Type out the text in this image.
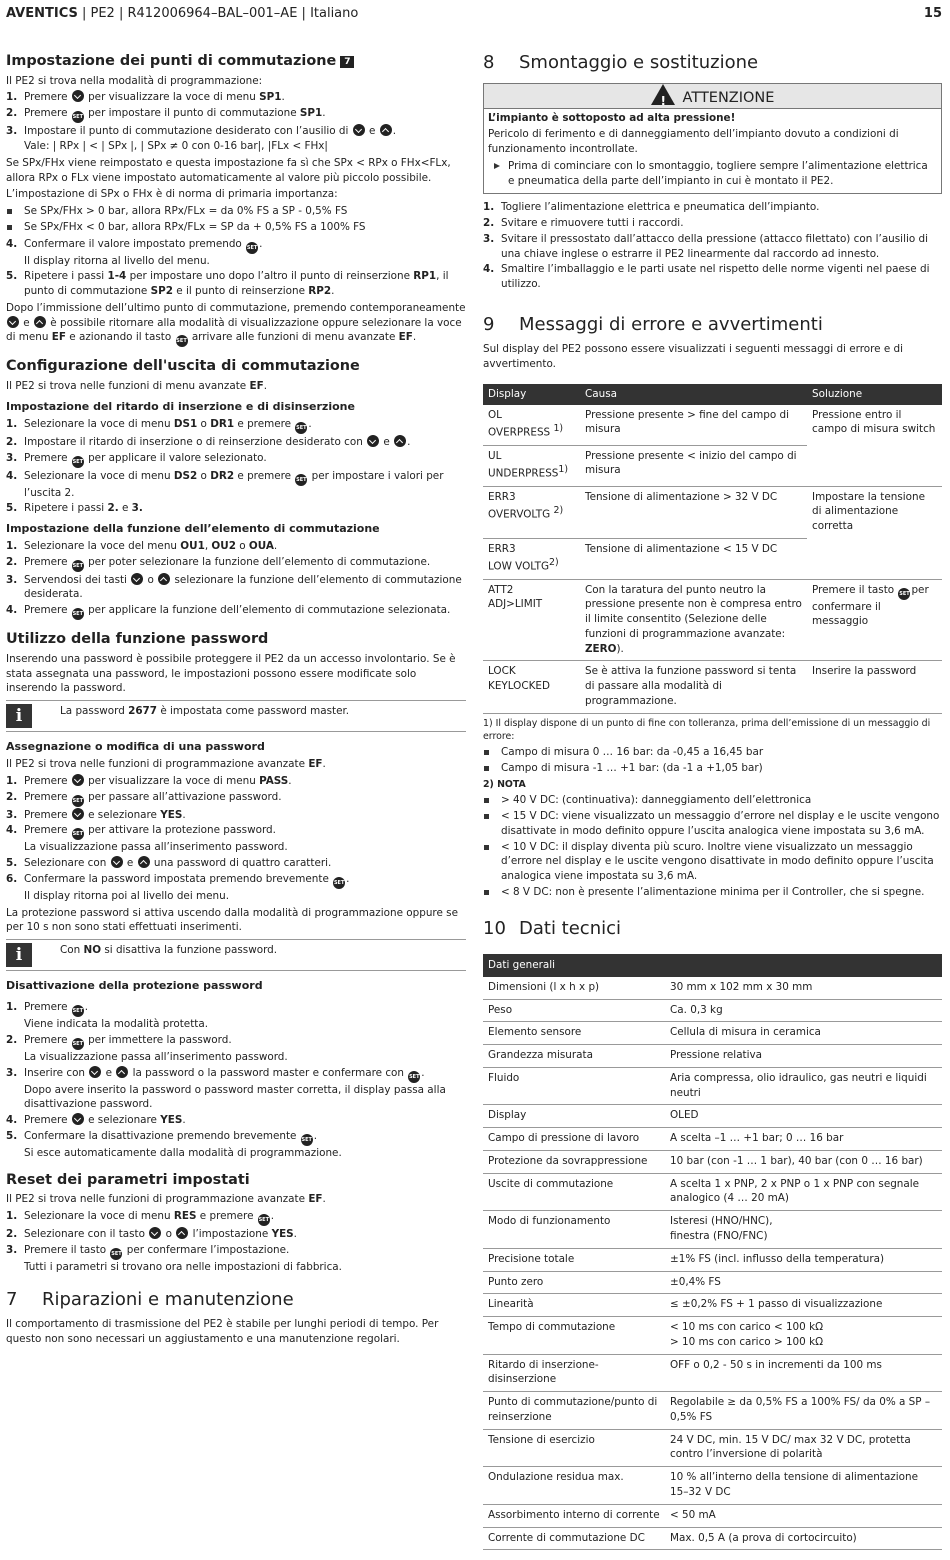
AVENTICS | PE2 | R412006964–BAL–001–AE | Italiano	15
Impostazione dei punti di commutazione 7

Il PE2 si trova nella modalità di programmazione:

1. Premere  per visualizzare la voce di menu SP1.
2. Premere SET per impostare il punto di commutazione SP1.
3. Impostare il punto di commutazione desiderato con l’ausilio di  e .
Vale: | RPx | < | SPx |, | SPx ≠ 0 con 0-16 bar|, |FLx < FHx|

Se SPx/FHx viene reimpostato e questa impostazione fa sì che SPx < RPx o FHx<FLx, allora RPx o FLx viene impostato automaticamente al valore più piccolo possibile.

L’impostazione di SPx o FHx è di norma di primaria importanza:

Se SPx/FHx > 0 bar, allora RPx/FLx = da 0% FS a SP - 0,5% FS
Se SPx/FHx < 0 bar, allora RPx/FLx = SP da + 0,5% FS a 100% FS
4. Confermare il valore impostato premendo SET .
Il display ritorna al livello del menu.
5. Ripetere i passi 1-4 per impostare uno dopo l’altro il punto di reinserzione RP1, il punto di commutazione SP2 e il punto di reinserzione RP2.

Dopo l’immissione dell’ultimo punto di commutazione, premendo contemporaneamente  e  è possibile ritornare alla modalità di visualizzazione oppure selezionare la voce di menu EF e azionando il tasto SET arrivare alle funzioni di menu avanzate EF.

Configurazione dell'uscita di commutazione

Il PE2 si trova nelle funzioni di menu avanzate EF.

Impostazione del ritardo di inserzione e di disinserzione
1. Selezionare la voce di menu DS1 o DR1 e premere SET .
2. Impostare il ritardo di inserzione o di reinserzione desiderato con  e .
3. Premere SET per applicare il valore selezionato.
4. Selezionare la voce di menu DS2 o DR2 e premere SET per impostare i valori per l’uscita 2.
5. Ripetere i passi 2. e 3.
Impostazione della funzione dell’elemento di commutazione
1. Selezionare la voce del menu OU1, OU2 o OUA.
2. Premere SET per poter selezionare la funzione dell’elemento di commutazione.
3. Servendosi dei tasti  o  selezionare la funzione dell’elemento di commutazione desiderata.
4. Premere SET per applicare la funzione dell’elemento di commutazione selezionata.
Utilizzo della funzione password

Inserendo una password è possibile proteggere il PE2 da un accesso involontario. Se è stata assegnata una password, le impostazioni possono essere modificate solo inserendo la password.

i	La password 2677 è impostata come password master.
Assegnazione o modifica di una password

Il PE2 si trova nelle funzioni di programmazione avanzate EF.

1. Premere  per visualizzare la voce di menu PASS.
2. Premere SET per passare all’attivazione password.
3. Premere  e selezionare YES.
4. Premere SET per attivare la protezione password.
La visualizzazione passa all’inserimento password.
5. Selezionare con  e  una password di quattro caratteri.
6. Confermare la password impostata premendo brevemente SET .
Il display ritorna poi al livello dei menu.

La protezione password si attiva uscendo dalla modalità di programmazione oppure se per 10 s non sono stati effettuati inserimenti.

i	Con NO si disattiva la funzione password.
Disattivazione della protezione password
1. Premere SET .
Viene indicata la modalità protetta.
2. Premere SET per immettere la password.
La visualizzazione passa all’inserimento password.
3. Inserire con  e  la password o la password master e confermare con SET .
Dopo avere inserito la password o password master corretta, il display passa alla disattivazione password.
4. Premere  e selezionare YES.
5. Confermare la disattivazione premendo brevemente SET .
Si esce automaticamente dalla modalità di programmazione.
Reset dei parametri impostati

Il PE2 si trova nelle funzioni di programmazione avanzate EF.

1. Selezionare la voce di menu RES e premere SET .
2. Selezionare con il tasto  o  l’impostazione YES.
3. Premere il tasto SET per confermare l’impostazione.
Tutti i parametri si trovano ora nelle impostazioni di fabbrica.
7 Riparazioni e manutenzione

Il comportamento di trasmissione del PE2 è stabile per lunghi periodi di tempo. Per questo non sono necessari un aggiustamento e una manutenzione regolari.

8 Smontaggio e sostituzione
! ATTENZIONE

L’impianto è sottoposto ad alta pressione!

Pericolo di ferimento e di danneggiamento dell’impianto dovuto a condizioni di funzionamento incontrollate.

Prima di cominciare con lo smontaggio, togliere sempre l’alimentazione elettrica e pneumatica della parte dell’impianto in cui è montato il PE2.

1. Togliere l’alimentazione elettrica e pneumatica dell’impianto.
2. Svitare e rimuovere tutti i raccordi.
3. Svitare il pressostato dall’attacco della pressione (attacco filettato) con l’ausilio di una chiave inglese o estrarre il PE2 linearmente dal raccordo ad innesto.
4. Smaltire l’imballaggio e le parti usate nel rispetto delle norme vigenti nel paese di utilizzo.
9 Messaggi di errore e avvertimenti

Sul display del PE2 possono essere visualizzati i seguenti messaggi di errore e di avvertimento.

Display	Causa	Soluzione
OL
OVERPRESS $^{1)}$	Pressione presente > fine del campo di misura	Pressione entro il campo di misura switch
UL
UNDERPRESS$^{1)}$	Pressione presente < inizio del campo di misura	
ERR3
OVERVOLTG $^{2)}$	Tensione di alimentazione > 32 V DC	Impostare la tensione di alimentazione corretta
ERR3
LOW VOLTG$^{2)}$	Tensione di alimentazione < 15 V DC	
ATT2
ADJ>LIMIT	Con la taratura del punto neutro la pressione presente non è compresa entro il limite consentito (Selezione delle funzioni di programmazione avanzate: ZERO).	Premere il tasto SET per confermare il messaggio
LOCK
KEYLOCKED	Se è attiva la funzione password si tenta di passare alla modalità di programmazione.	Inserire la password

1) Il display dispone di un punto di fine con tolleranza, prima dell’emissione di un messaggio di errore:

Campo di misura 0 … 16 bar: da -0,45 a 16,45 bar
Campo di misura -1 … +1 bar: (da -1 a +1,05 bar)

2) NOTA

> 40 V DC: (continuativa): danneggiamento dell’elettronica
< 15 V DC: viene visualizzato un messaggio d’errore nel display e le uscite vengono disattivate in modo definito oppure l’uscita analogica viene impostata su 3,6 mA.
< 10 V DC: il display diventa più scuro. Inoltre viene visualizzato un messaggio d’errore nel display e le uscite vengono disattivate in modo definito oppure l’uscita analogica viene impostata su 3,6 mA.
< 8 V DC: non è presente l’alimentazione minima per il Controller, che si spegne.
10 Dati tecnici
Dati generali	
Dimensioni (l x h x p)	30 mm x 102 mm x 30 mm
Peso	Ca. 0,3 kg
Elemento sensore	Cellula di misura in ceramica
Grandezza misurata	Pressione relativa
Fluido	Aria compressa, olio idraulico, gas neutri e liquidi neutri
Display	OLED
Campo di pressione di lavoro	A scelta –1 … +1 bar; 0 … 16 bar
Protezione da sovrappressione	10 bar (con -1 … 1 bar), 40 bar (con 0 … 16 bar)
Uscite di commutazione	A scelta 1 x PNP, 2 x PNP o 1 x PNP con segnale analogico (4 … 20 mA)
Modo di funzionamento	Isteresi (HNO/HNC),
finestra (FNO/FNC)
Precisione totale	±1% FS (incl. influsso della temperatura)
Punto zero	±0,4% FS
Linearità	≤ ±0,2% FS + 1 passo di visualizzazione
Tempo di commutazione	< 10 ms con carico < 100 kΩ
> 10 ms con carico > 100 kΩ
Ritardo di inserzione-disinserzione	OFF o 0,2 - 50 s in incrementi da 100 ms
Punto di commutazione/punto di reinserzione	Regolabile ≥ da 0,5% FS a 100% FS/ da 0% a SP – 0,5% FS
Tensione di esercizio	24 V DC, min. 15 V DC/ max 32 V DC, protetta contro l’inversione di polarità
Ondulazione residua max.	10 % all’interno della tensione di alimentazione 15–32 V DC
Assorbimento interno di corrente	< 50 mA
Corrente di commutazione DC	Max. 0,5 A (a prova di cortocircuito)
